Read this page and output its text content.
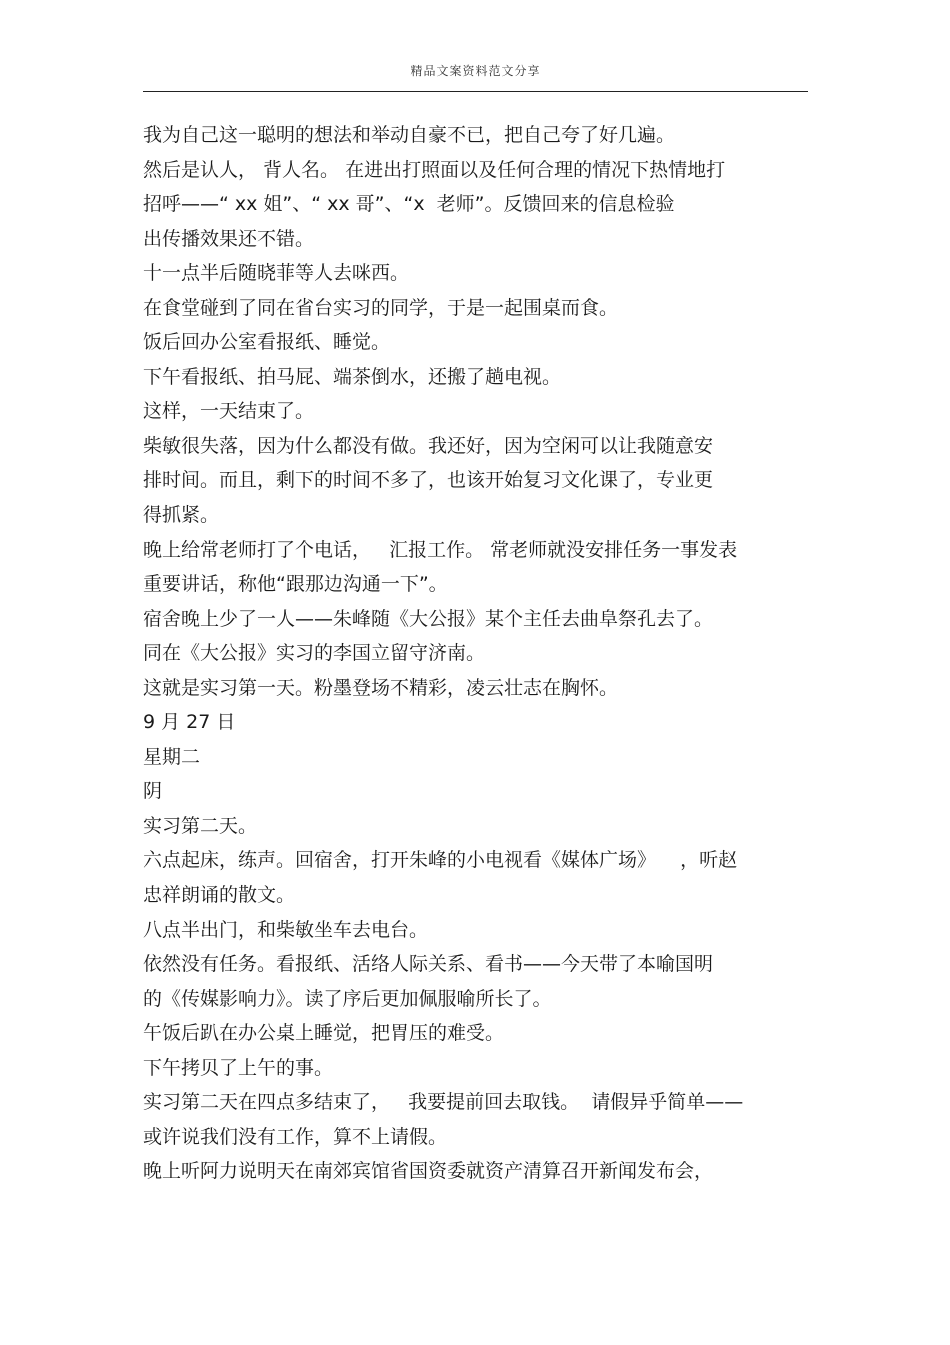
精品文案资料范文分享
我为自己这一聪明的想法和举动自豪不已，把自己夸了好几遍。
然后是认人， 背人名。 在进出打照面以及任何合理的情况下热情地打
招呼——“ xx 姐”、“ xx 哥”、“x  老师”。反馈回来的信息检验
出传播效果还不错。
十一点半后随晓菲等人去咪西。
在食堂碰到了同在省台实习的同学，于是一起围桌而食。
饭后回办公室看报纸、睡觉。
下午看报纸、拍马屁、端茶倒水，还搬了趟电视。
这样，一天结束了。
柴敏很失落，因为什么都没有做。我还好，因为空闲可以让我随意安
排时间。而且，剩下的时间不多了，也该开始复习文化课了，专业更
得抓紧。
晚上给常老师打了个电话，   汇报工作。 常老师就没安排任务一事发表
重要讲话，称他“跟那边沟通一下”。
宿舍晚上少了一人——朱峰随《大公报》某个主任去曲阜祭孔去了。
同在《大公报》实习的李国立留守济南。
这就是实习第一天。粉墨登场不精彩，凌云壮志在胸怀。
9 月 27 日
星期二
阴
实习第二天。
六点起床，练声。回宿舍，打开朱峰的小电视看《媒体广场》    ，听赵
忠祥朗诵的散文。
八点半出门，和柴敏坐车去电台。
依然没有任务。看报纸、活络人际关系、看书——今天带了本喻国明
的《传媒影响力》。读了序后更加佩服喻所长了。
午饭后趴在办公桌上睡觉，把胃压的难受。
下午拷贝了上午的事。
实习第二天在四点多结束了，   我要提前回去取钱。  请假异乎简单——
或许说我们没有工作，算不上请假。
晚上听阿力说明天在南郊宾馆省国资委就资产清算召开新闻发布会，
